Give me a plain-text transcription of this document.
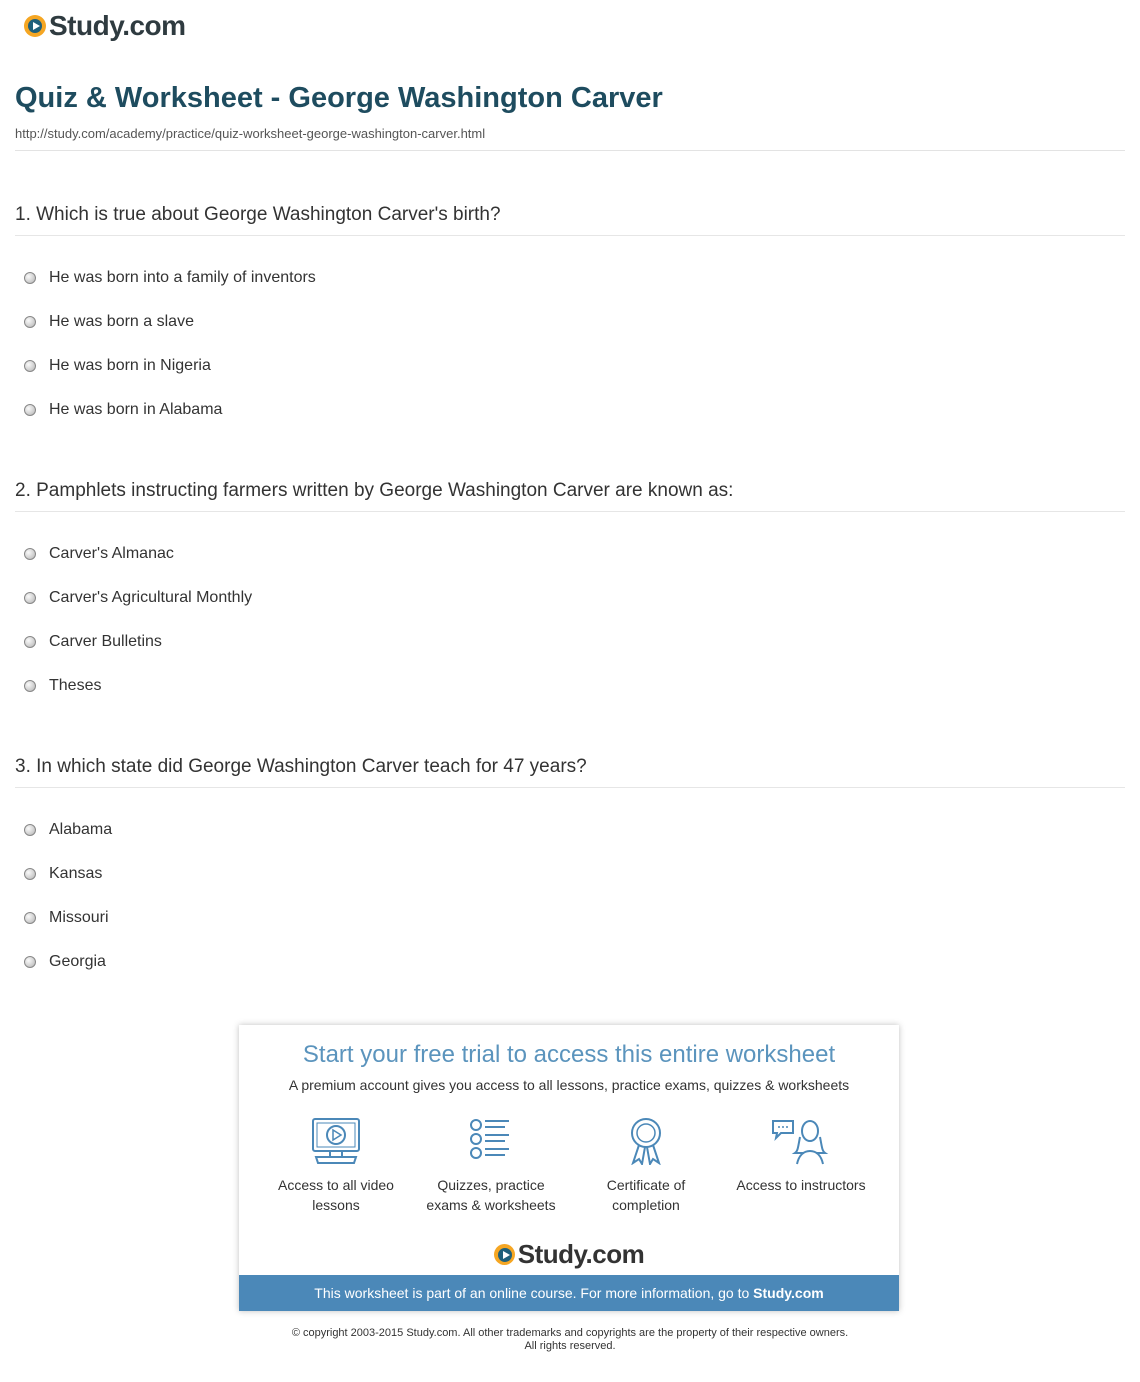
Study.com
Quiz & Worksheet - George Washington Carver
http://study.com/academy/practice/quiz-worksheet-george-washington-carver.html
1. Which is true about George Washington Carver's birth?
He was born into a family of inventors
He was born a slave
He was born in Nigeria
He was born in Alabama
2. Pamphlets instructing farmers written by George Washington Carver are known as:
Carver's Almanac
Carver's Agricultural Monthly
Carver Bulletins
Theses
3. In which state did George Washington Carver teach for 47 years?
Alabama
Kansas
Missouri
Georgia
Start your free trial to access this entire worksheet
A premium account gives you access to all lessons, practice exams, quizzes & worksheets
Access to all video lessons
Quizzes, practice exams & worksheets
Certificate of completion
Access to instructors
Study.com
This worksheet is part of an online course. For more information, go to Study.com
© copyright 2003-2015 Study.com. All other trademarks and copyrights are the property of their respective owners.
All rights reserved.
